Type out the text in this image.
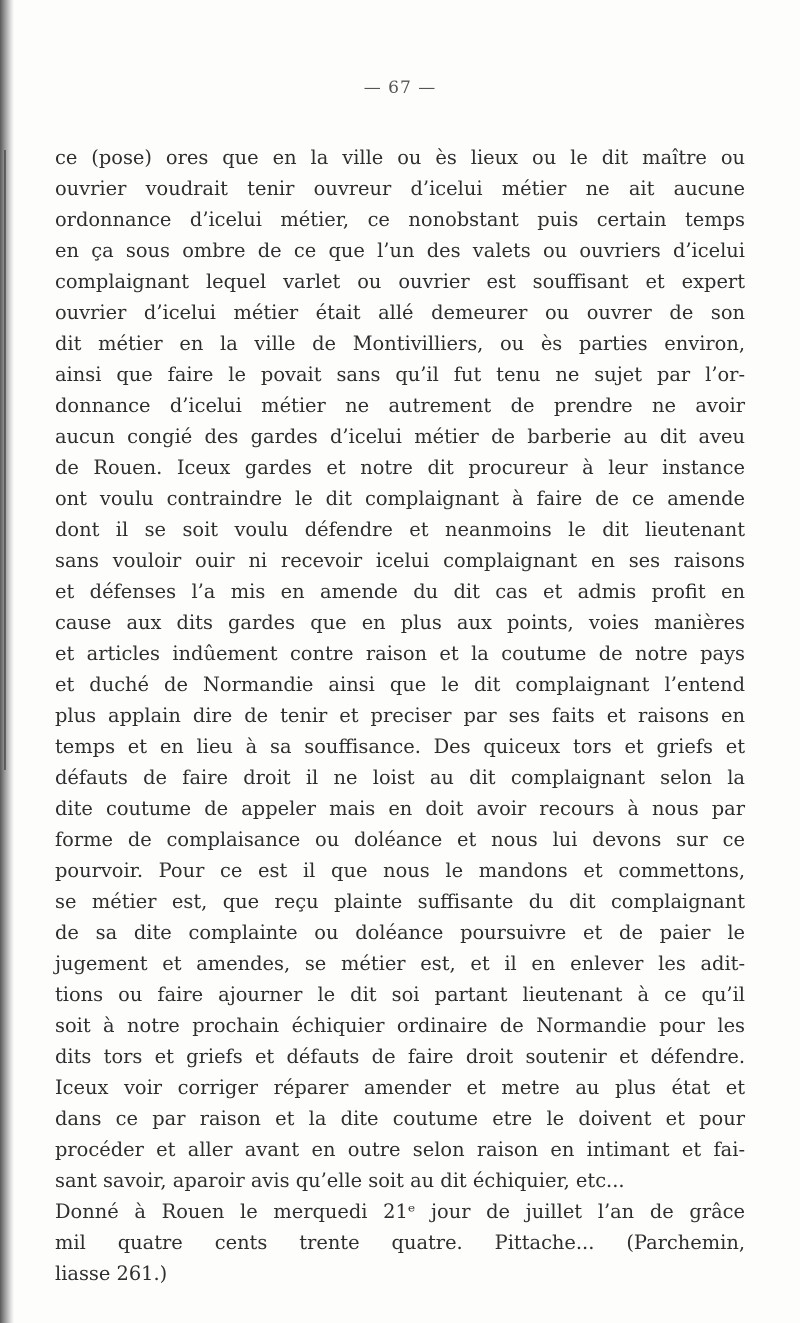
— 67 —
ce (pose) ores que en la ville ou ès lieux ou le dit maître ou
ouvrier voudrait tenir ouvreur d’icelui métier ne ait aucune
ordonnance d’icelui métier, ce nonobstant puis certain temps
en ça sous ombre de ce que l’un des valets ou ouvriers d’icelui
complaignant lequel varlet ou ouvrier est souffisant et expert
ouvrier d’icelui métier était allé demeurer ou ouvrer de son
dit métier en la ville de Montivilliers, ou ès parties environ,
ainsi que faire le povait sans qu’il fut tenu ne sujet par l’or-
donnance d’icelui métier ne autrement de prendre ne avoir
aucun congié des gardes d’icelui métier de barberie au dit aveu
de Rouen. Iceux gardes et notre dit procureur à leur instance
ont voulu contraindre le dit complaignant à faire de ce amende
dont il se soit voulu défendre et neanmoins le dit lieutenant
sans vouloir ouir ni recevoir icelui complaignant en ses raisons
et défenses l’a mis en amende du dit cas et admis profit en
cause aux dits gardes que en plus aux points, voies manières
et articles indûement contre raison et la coutume de notre pays
et duché de Normandie ainsi que le dit complaignant l’entend
plus applain dire de tenir et preciser par ses faits et raisons en
temps et en lieu à sa souffisance. Des quiceux tors et griefs et
défauts de faire droit il ne loist au dit complaignant selon la
dite coutume de appeler mais en doit avoir recours à nous par
forme de complaisance ou doléance et nous lui devons sur ce
pourvoir. Pour ce est il que nous le mandons et commettons,
se métier est, que reçu plainte suffisante du dit complaignant
de sa dite complainte ou doléance poursuivre et de paier le
jugement et amendes, se métier est, et il en enlever les adit-
tions ou faire ajourner le dit soi partant lieutenant à ce qu’il
soit à notre prochain échiquier ordinaire de Normandie pour les
dits tors et griefs et défauts de faire droit soutenir et défendre.
Iceux voir corriger réparer amender et metre au plus état et
dans ce par raison et la dite coutume etre le doivent et pour
procéder et aller avant en outre selon raison en intimant et fai-
sant savoir, aparoir avis qu’elle soit au dit échiquier, etc...
Donné à Rouen le merquedi 21ᵉ jour de juillet l’an de grâce
mil quatre cents trente quatre. Pittache... (Parchemin,
liasse 261.)
